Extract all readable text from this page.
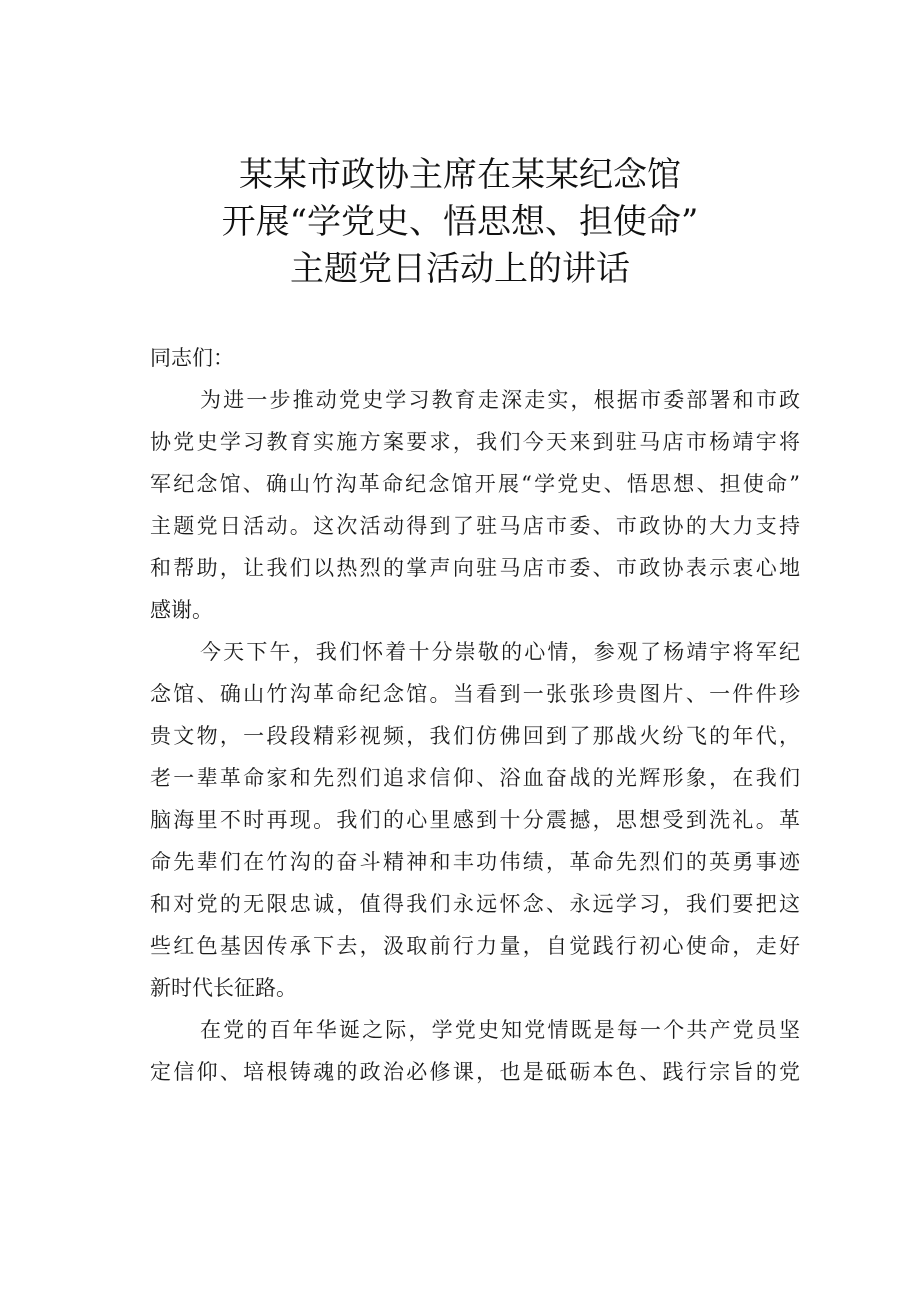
某某市政协主席在某某纪念馆
开展“学党史、悟思想、担使命”
主题党日活动上的讲话

同志们：

为进一步推动党史学习教育走深走实，根据市委部署和市政
协党史学习教育实施方案要求，我们今天来到驻马店市杨靖宇将
军纪念馆、确山竹沟革命纪念馆开展“学党史、悟思想、担使命”
主题党日活动。这次活动得到了驻马店市委、市政协的大力支持
和帮助，让我们以热烈的掌声向驻马店市委、市政协表示衷心地
感谢。

今天下午，我们怀着十分崇敬的心情，参观了杨靖宇将军纪
念馆、确山竹沟革命纪念馆。当看到一张张珍贵图片、一件件珍
贵文物，一段段精彩视频，我们仿佛回到了那战火纷飞的年代，
老一辈革命家和先烈们追求信仰、浴血奋战的光辉形象，在我们
脑海里不时再现。我们的心里感到十分震撼，思想受到洗礼。革
命先辈们在竹沟的奋斗精神和丰功伟绩，革命先烈们的英勇事迹
和对党的无限忠诚，值得我们永远怀念、永远学习，我们要把这
些红色基因传承下去，汲取前行力量，自觉践行初心使命，走好
新时代长征路。

在党的百年华诞之际，学党史知党情既是每一个共产党员坚
定信仰、培根铸魂的政治必修课，也是砥砺本色、践行宗旨的党
